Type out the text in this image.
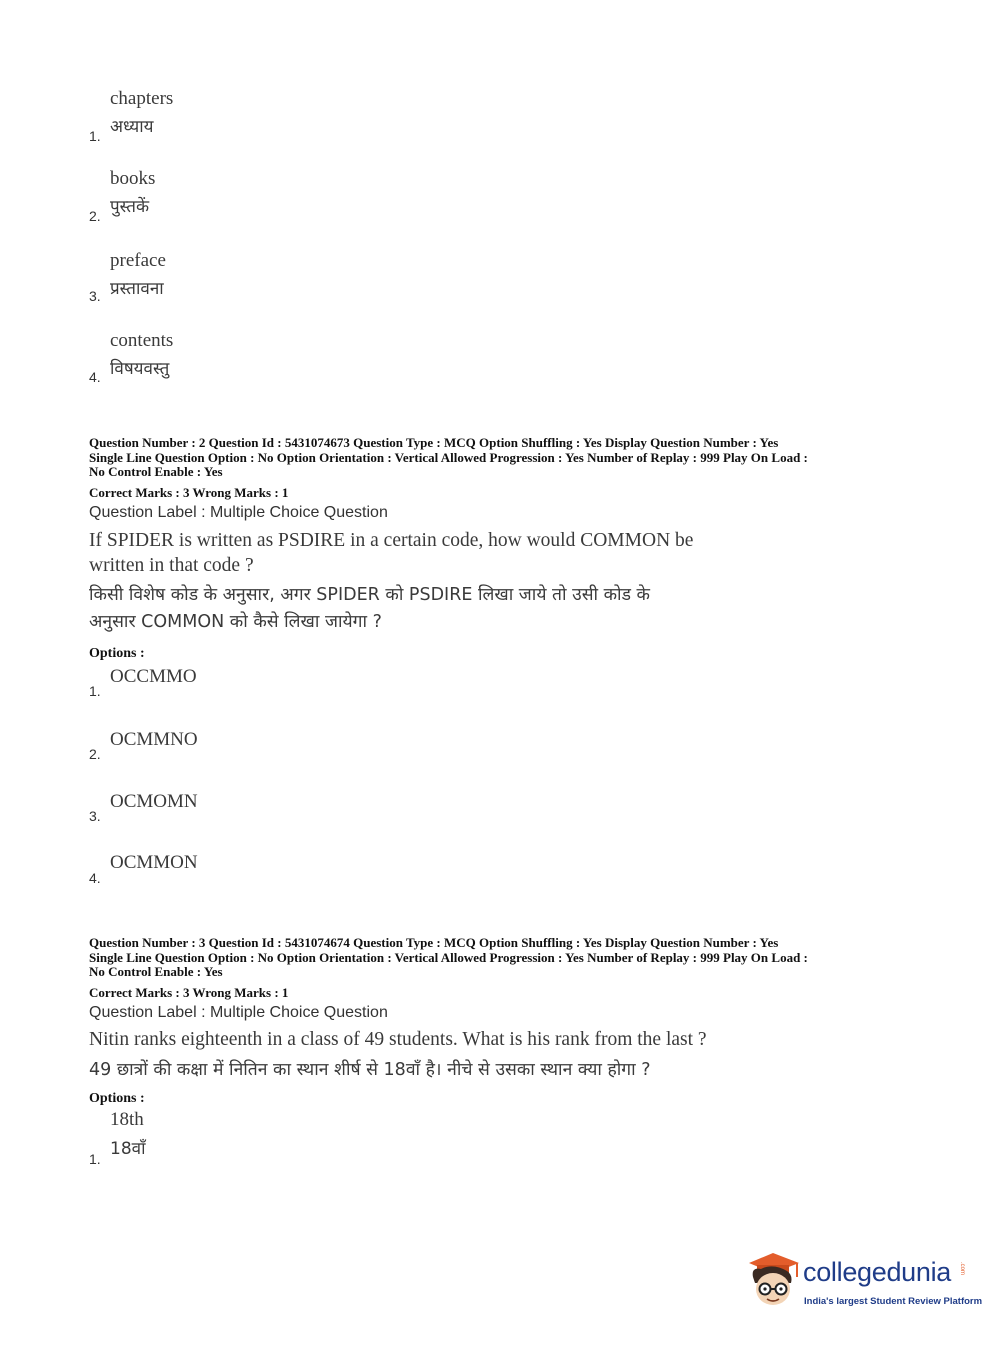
chapters
अध्याय
1.
books
पुस्तकें
2.
preface
प्रस्तावना
3.
contents
विषयवस्तु
4.
Question Number : 2 Question Id : 5431074673 Question Type : MCQ Option Shuffling : Yes Display Question Number : Yes
Single Line Question Option : No Option Orientation : Vertical Allowed Progression : Yes Number of Replay : 999 Play On Load :
No Control Enable : Yes
Correct Marks : 3 Wrong Marks : 1
Question Label : Multiple Choice Question
If SPIDER is written as PSDIRE in a certain code, how would COMMON be
written in that code ?
किसी विशेष कोड के अनुसार, अगर SPIDER को PSDIRE लिखा जाये तो उसी कोड के
अनुसार COMMON को कैसे लिखा जायेगा ?
Options :
OCCMMO
1.
OCMMNO
2.
OCMOMN
3.
OCMMON
4.
Question Number : 3 Question Id : 5431074674 Question Type : MCQ Option Shuffling : Yes Display Question Number : Yes
Single Line Question Option : No Option Orientation : Vertical Allowed Progression : Yes Number of Replay : 999 Play On Load :
No Control Enable : Yes
Correct Marks : 3 Wrong Marks : 1
Question Label : Multiple Choice Question
Nitin ranks eighteenth in a class of 49 students. What is his rank from the last ?
49 छात्रों की कक्षा में नितिन का स्थान शीर्ष से 18वाँ है। नीचे से उसका स्थान क्या होगा ?
Options :
18th
18वाँ
1.
collegedunia .com
India's largest Student Review Platform
